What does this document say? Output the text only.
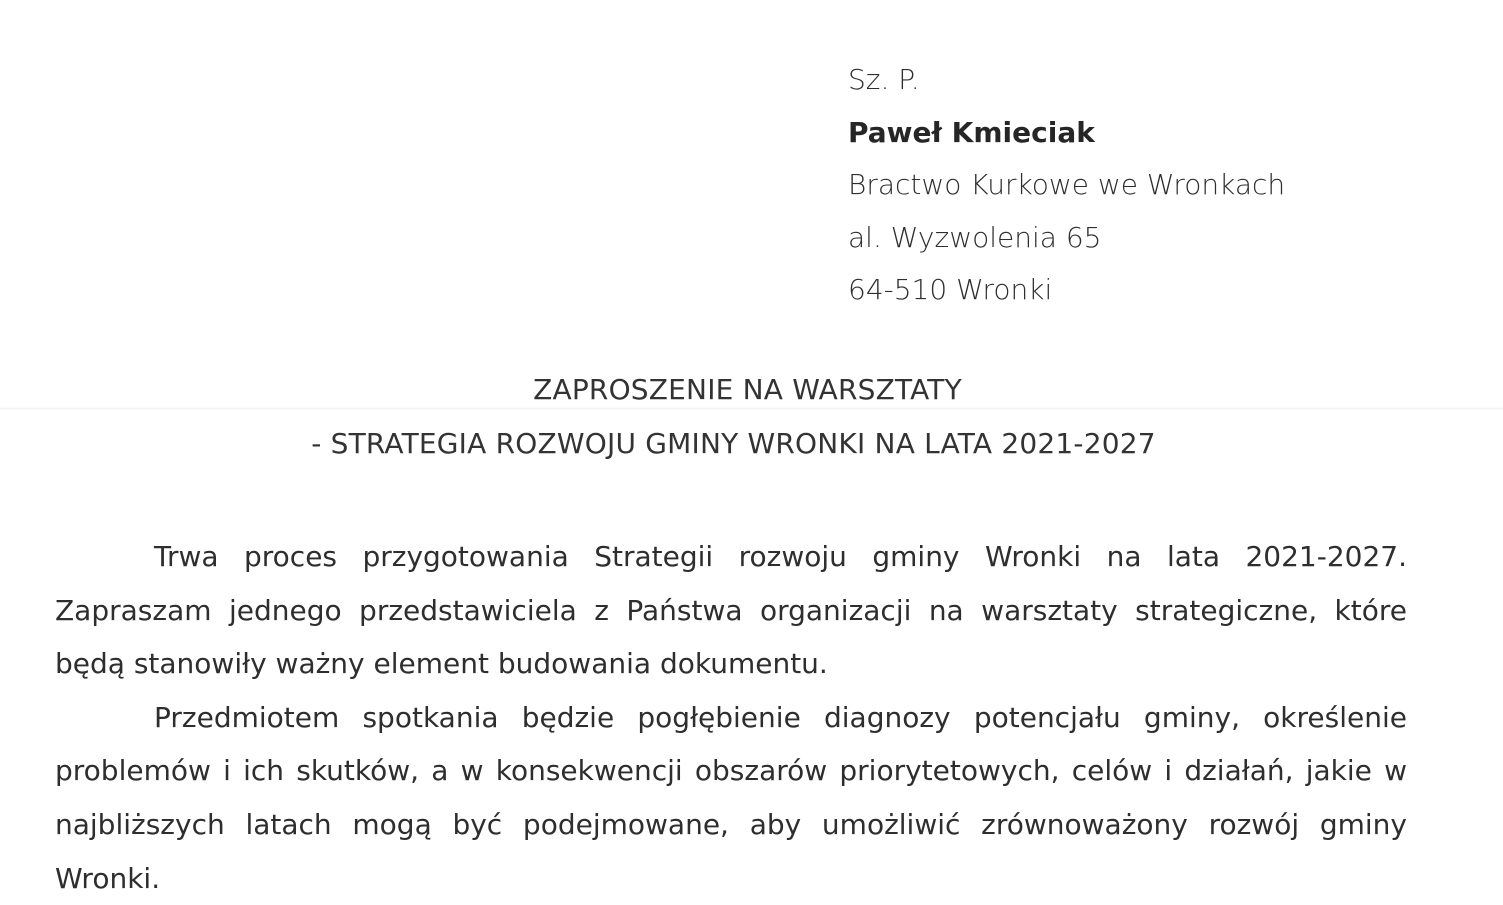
Sz. P.
Paweł Kmieciak
Bractwo Kurkowe we Wronkach
al. Wyzwolenia 65
64-510 Wronki
ZAPROSZENIE NA WARSZTATY
- STRATEGIA ROZWOJU GMINY WRONKI NA LATA 2021-2027

Trwa proces przygotowania Strategii rozwoju gminy Wronki na lata 2021-2027. Zapraszam jednego przedstawiciela z Państwa organizacji na warsztaty strategiczne, które będą stanowiły ważny element budowania dokumentu.

Przedmiotem spotkania będzie pogłębienie diagnozy potencjału gminy, określenie problemów i ich skutków, a w konsekwencji obszarów priorytetowych, celów i działań, jakie w najbliższych latach mogą być podejmowane, aby umożliwić zrównoważony rozwój gminy Wronki.
